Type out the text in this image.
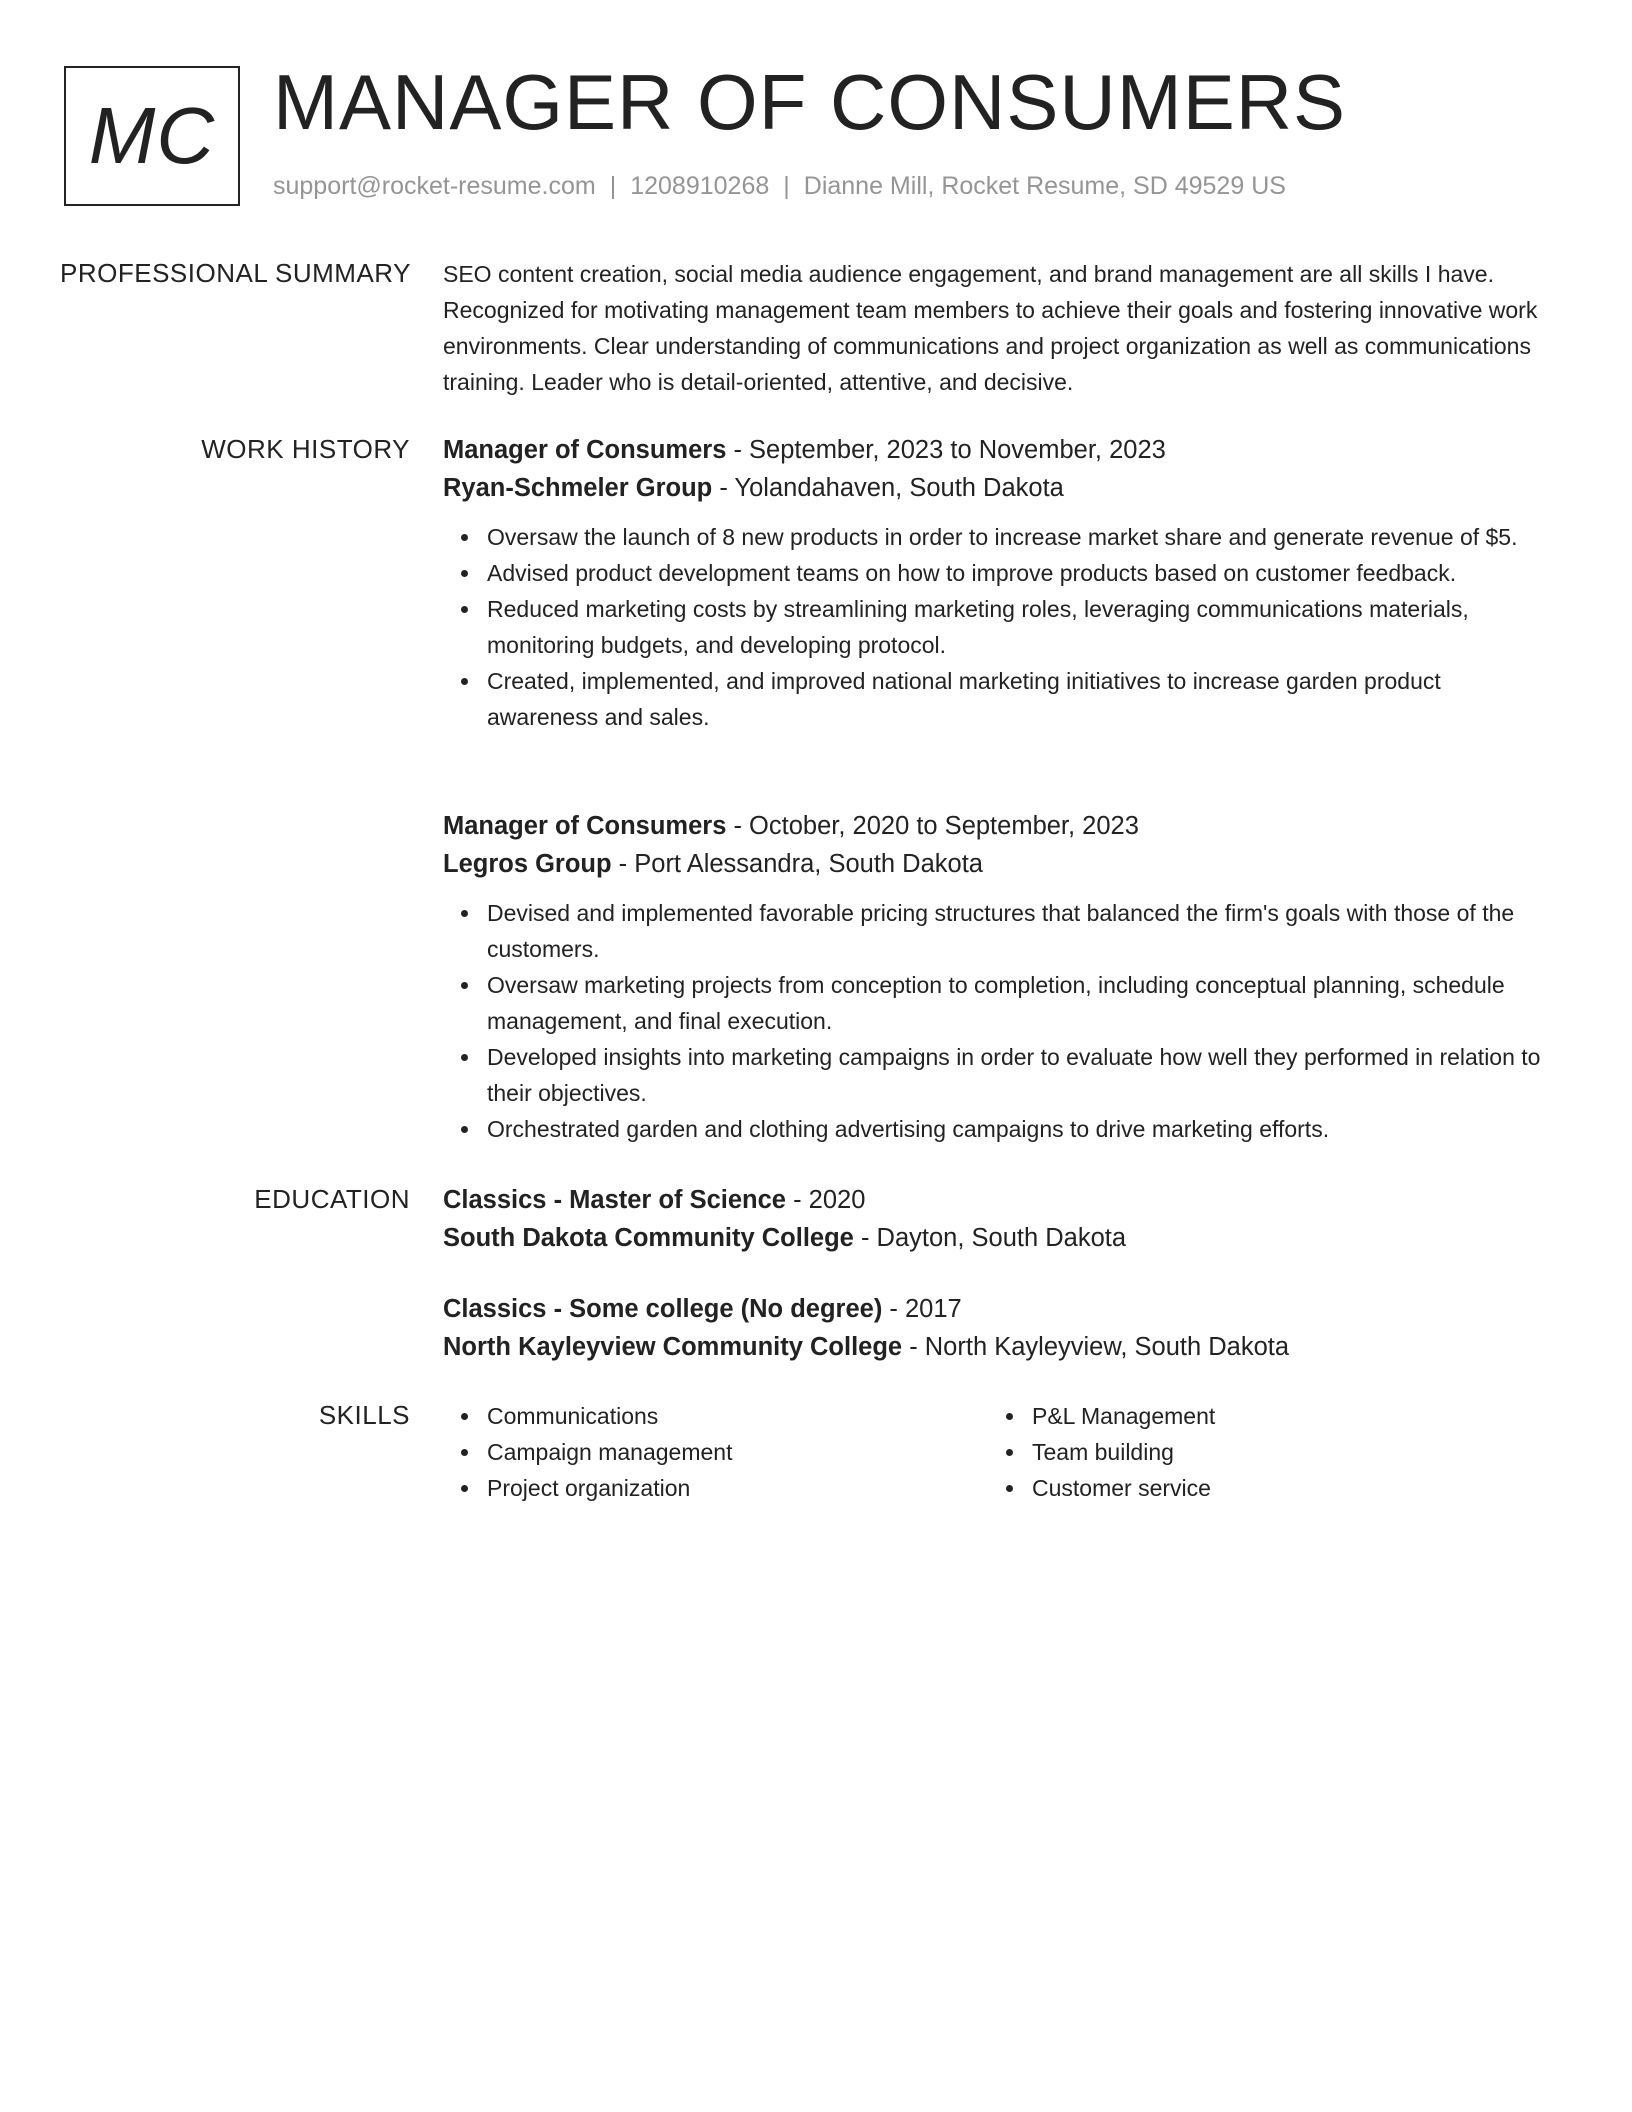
MC MANAGER OF CONSUMERS
support@rocket-resume.com | 1208910268 | Dianne Mill, Rocket Resume, SD 49529 US
PROFESSIONAL SUMMARY SEO content creation, social media audience engagement, and brand management are all skills I have. Recognized for motivating management team members to achieve their goals and fostering innovative work environments. Clear understanding of communications and project organization as well as communications training. Leader who is detail-oriented, attentive, and decisive.

WORK HISTORY Manager of Consumers - September, 2023 to November, 2023
Ryan-Schmeler Group - Yolandahaven, South Dakota
Oversaw the launch of 8 new products in order to increase market share and generate revenue of $5.
Advised product development teams on how to improve products based on customer feedback.
Reduced marketing costs by streamlining marketing roles, leveraging communications materials, monitoring budgets, and developing protocol.
Created, implemented, and improved national marketing initiatives to increase garden product awareness and sales.
Manager of Consumers - October, 2020 to September, 2023
Legros Group - Port Alessandra, South Dakota
Devised and implemented favorable pricing structures that balanced the firm's goals with those of the customers.
Oversaw marketing projects from conception to completion, including conceptual planning, schedule management, and final execution.
Developed insights into marketing campaigns in order to evaluate how well they performed in relation to their objectives.
Orchestrated garden and clothing advertising campaigns to drive marketing efforts.
EDUCATION Classics - Master of Science - 2020
South Dakota Community College - Dayton, South Dakota
Classics - Some college (No degree) - 2017
North Kayleyview Community College - North Kayleyview, South Dakota
SKILLS	Communications
Campaign management
Project organization
P&L Management
Team building
Customer service
